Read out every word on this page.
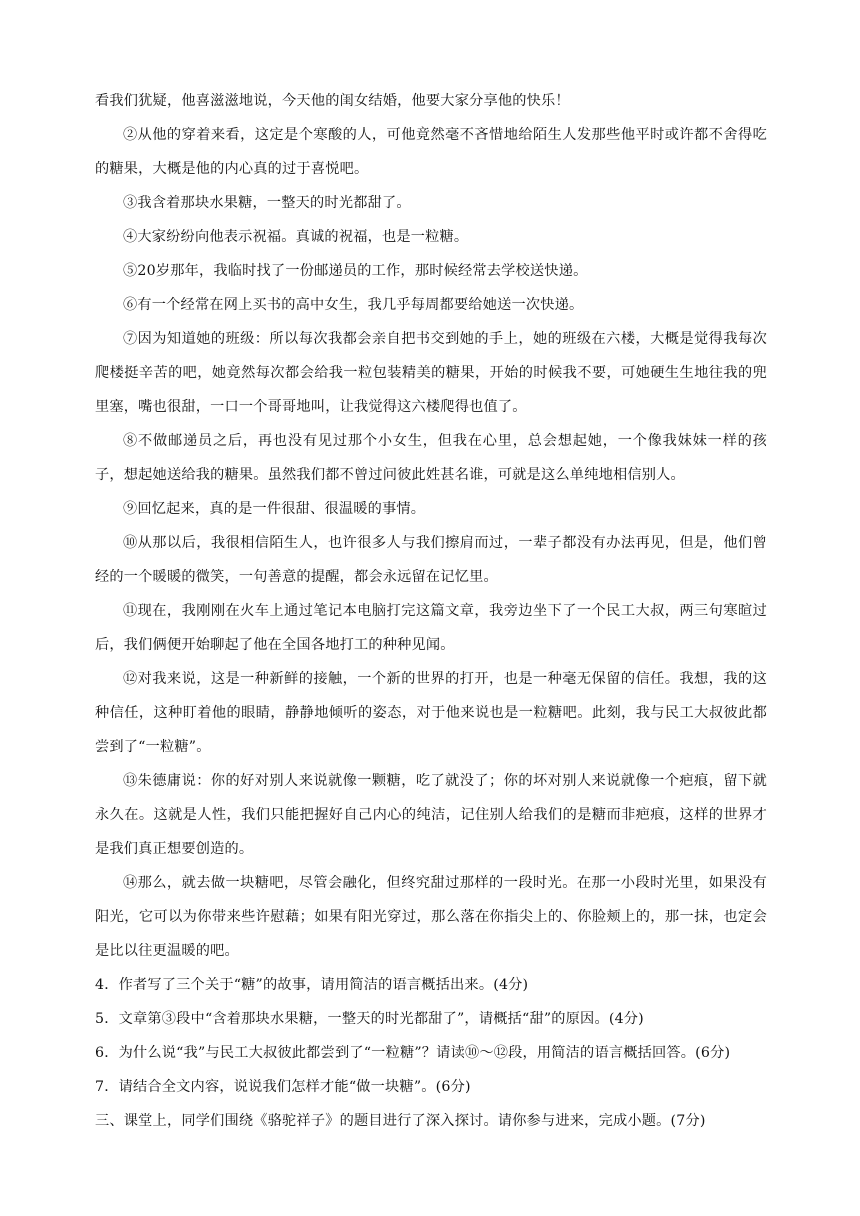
看我们犹疑，他喜滋滋地说，今天他的闺女结婚，他要大家分享他的快乐！

②从他的穿着来看，这定是个寒酸的人，可他竟然毫不吝惜地给陌生人发那些他平时或许都不舍得吃的糖果，大概是他的内心真的过于喜悦吧。

③我含着那块水果糖，一整天的时光都甜了。

④大家纷纷向他表示祝福。真诚的祝福，也是一粒糖。

⑤20岁那年，我临时找了一份邮递员的工作，那时候经常去学校送快递。

⑥有一个经常在网上买书的高中女生，我几乎每周都要给她送一次快递。

⑦因为知道她的班级：所以每次我都会亲自把书交到她的手上，她的班级在六楼，大概是觉得我每次爬楼挺辛苦的吧，她竟然每次都会给我一粒包装精美的糖果，开始的时候我不要，可她硬生生地往我的兜里塞，嘴也很甜，一口一个哥哥地叫，让我觉得这六楼爬得也值了。

⑧不做邮递员之后，再也没有见过那个小女生，但我在心里，总会想起她，一个像我妹妹一样的孩子，想起她送给我的糖果。虽然我们都不曾过问彼此姓甚名谁，可就是这么单纯地相信别人。

⑨回忆起来，真的是一件很甜、很温暖的事情。

⑩从那以后，我很相信陌生人，也许很多人与我们擦肩而过，一辈子都没有办法再见，但是，他们曾经的一个暖暖的微笑，一句善意的提醒，都会永远留在记忆里。

⑪现在，我刚刚在火车上通过笔记本电脑打完这篇文章，我旁边坐下了一个民工大叔，两三句寒暄过后，我们俩便开始聊起了他在全国各地打工的种种见闻。

⑫对我来说，这是一种新鲜的接触，一个新的世界的打开，也是一种毫无保留的信任。我想，我的这种信任，这种盯着他的眼睛，静静地倾听的姿态，对于他来说也是一粒糖吧。此刻，我与民工大叔彼此都尝到了“一粒糖”。

⑬朱德庸说：你的好对别人来说就像一颗糖，吃了就没了；你的坏对别人来说就像一个疤痕，留下就永久在。这就是人性，我们只能把握好自己内心的纯洁，记住别人给我们的是糖而非疤痕，这样的世界才是我们真正想要创造的。

⑭那么，就去做一块糖吧，尽管会融化，但终究甜过那样的一段时光。在那一小段时光里，如果没有阳光，它可以为你带来些许慰藉；如果有阳光穿过，那么落在你指尖上的、你脸颊上的，那一抹，也定会是比以往更温暖的吧。

4．作者写了三个关于“糖”的故事，请用简洁的语言概括出来。(4分)

5．文章第③段中“含着那块水果糖，一整天的时光都甜了”，请概括“甜”的原因。(4分)

6．为什么说“我”与民工大叔彼此都尝到了“一粒糖”？请读⑩～⑫段，用简洁的语言概括回答。(6分)

7．请结合全文内容，说说我们怎样才能“做一块糖”。(6分)

三、课堂上，同学们围绕《骆驼祥子》的题目进行了深入探讨。请你参与进来，完成小题。(7分)
